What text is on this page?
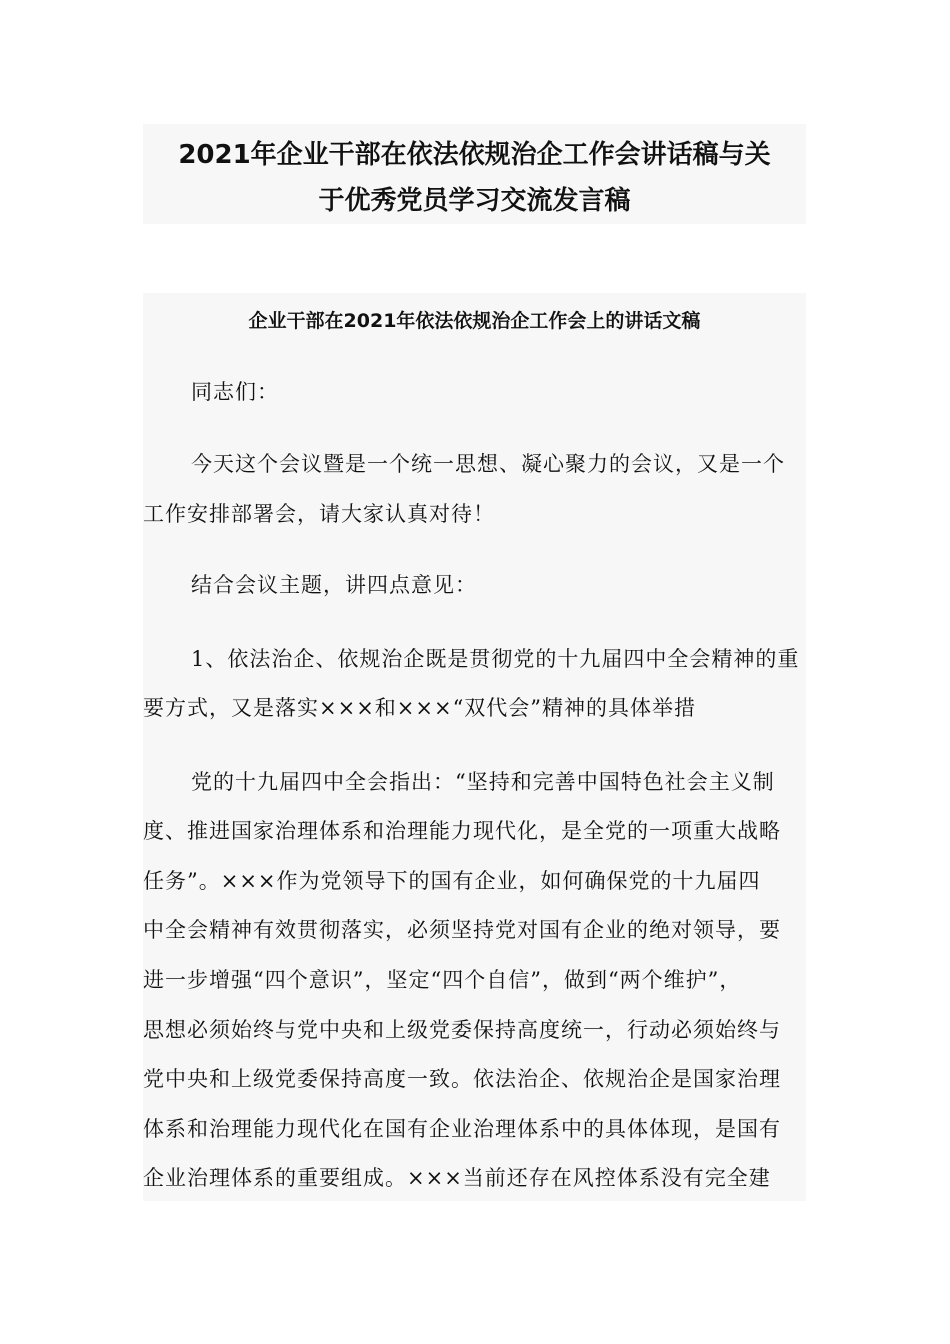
2021年企业干部在依法依规治企工作会讲话稿与关
于优秀党员学习交流发言稿
企业干部在2021年依法依规治企工作会上的讲话文稿
同志们：
今天这个会议暨是一个统一思想、凝心聚力的会议，又是一个
工作安排部署会，请大家认真对待！
结合会议主题，讲四点意见：
1、依法治企、依规治企既是贯彻党的十九届四中全会精神的重
要方式，又是落实×××和×××“双代会”精神的具体举措
党的十九届四中全会指出：“坚持和完善中国特色社会主义制
度、推进国家治理体系和治理能力现代化，是全党的一项重大战略
任务”。×××作为党领导下的国有企业，如何确保党的十九届四
中全会精神有效贯彻落实，必须坚持党对国有企业的绝对领导，要
进一步增强“四个意识”，坚定“四个自信”，做到“两个维护”，
思想必须始终与党中央和上级党委保持高度统一，行动必须始终与
党中央和上级党委保持高度一致。依法治企、依规治企是国家治理
体系和治理能力现代化在国有企业治理体系中的具体体现，是国有
企业治理体系的重要组成。×××当前还存在风控体系没有完全建
